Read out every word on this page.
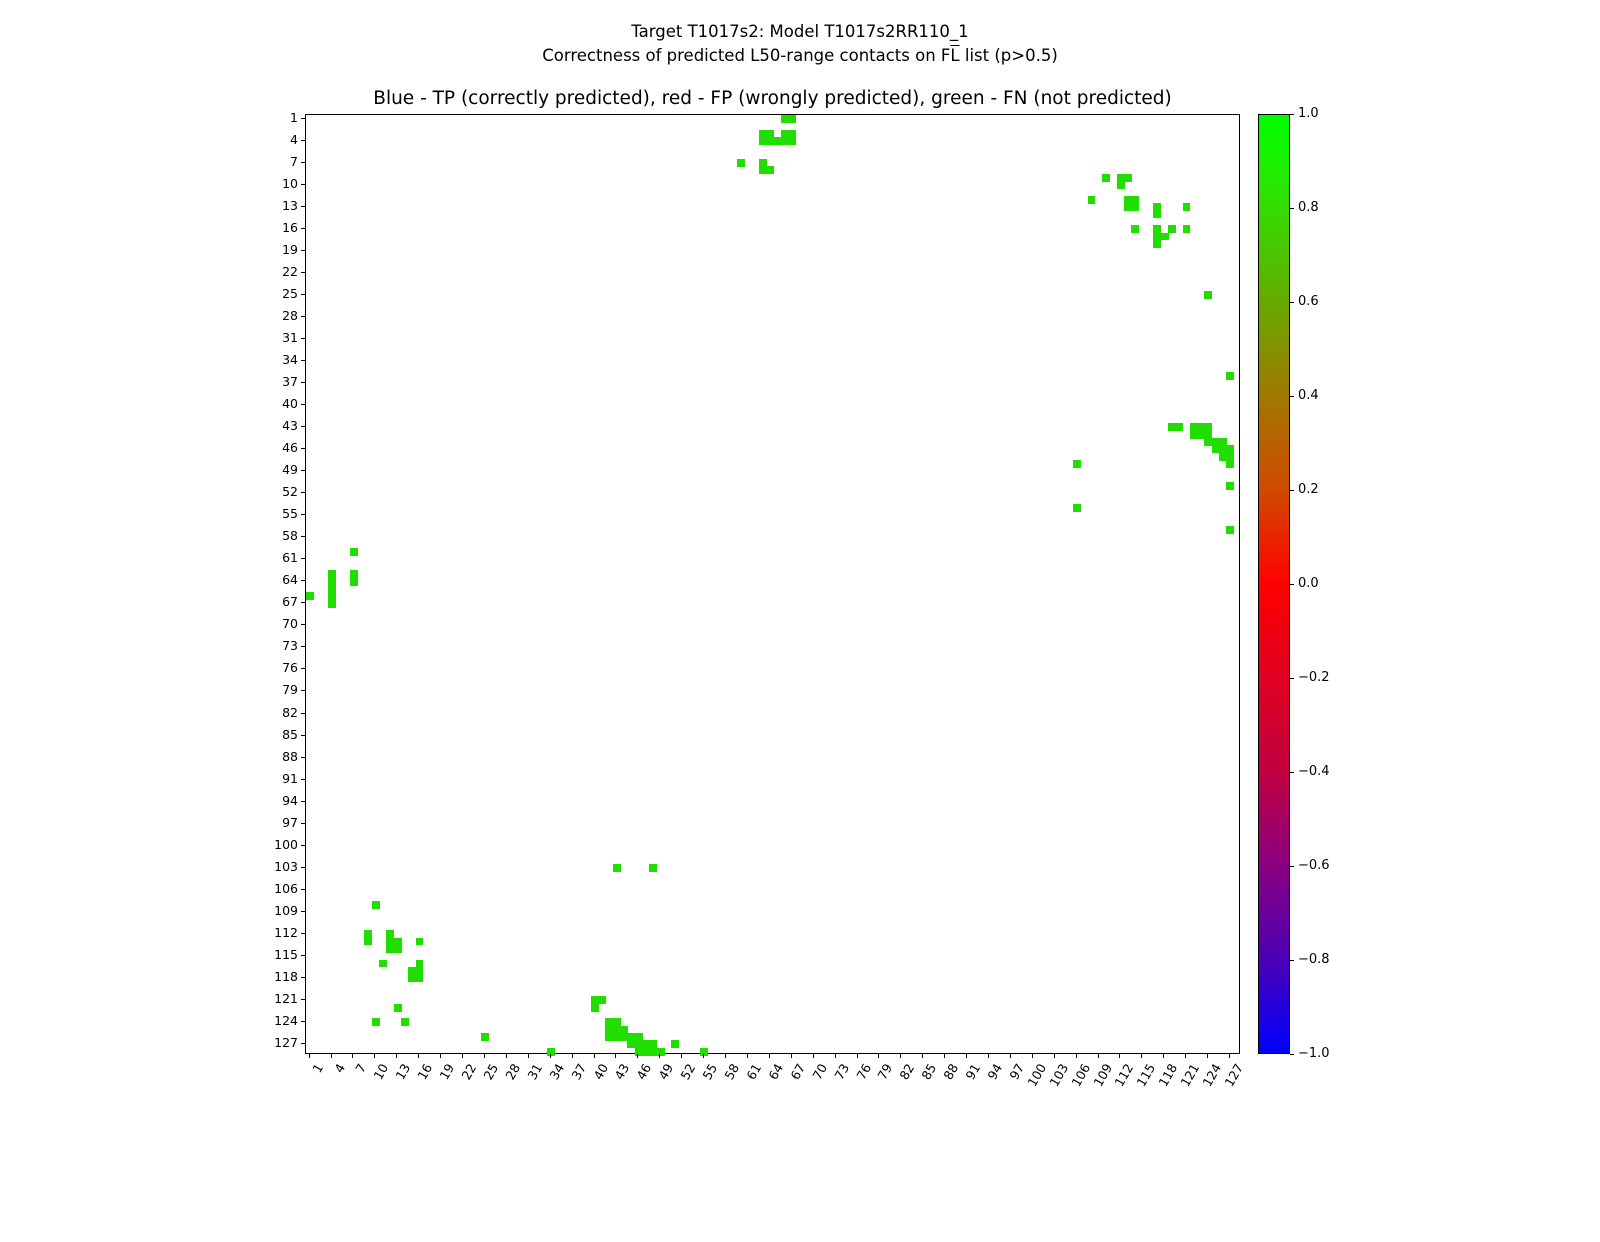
Target T1017s2: Model T1017s2RR110_1
Correctness of predicted L50-range contacts on $F\overline{L}$ list (p>0.5)
Blue - TP (correctly predicted), red - FP (wrongly predicted), green - FN (not predicted)
1
4
7
10
13
16
19
22
25
28
31
34
37
40
43
46
49
52
55
58
61
64
67
70
73
76
79
82
85
88
91
94
97
100
103
106
109
112
115
118
121
124
127
1 4 7 10 13 16 19 22 25 28 31 34 37 40 43 46 49 52 55 58 61 64 67 70 73 76 79 82 85 88 91 94 97
100
103
106
109
112
115
118
121
124
127
1.0
0.8
0.6
0.4
0.2
0.0
−0.2
−0.4
−0.6
−0.8
−1.0
